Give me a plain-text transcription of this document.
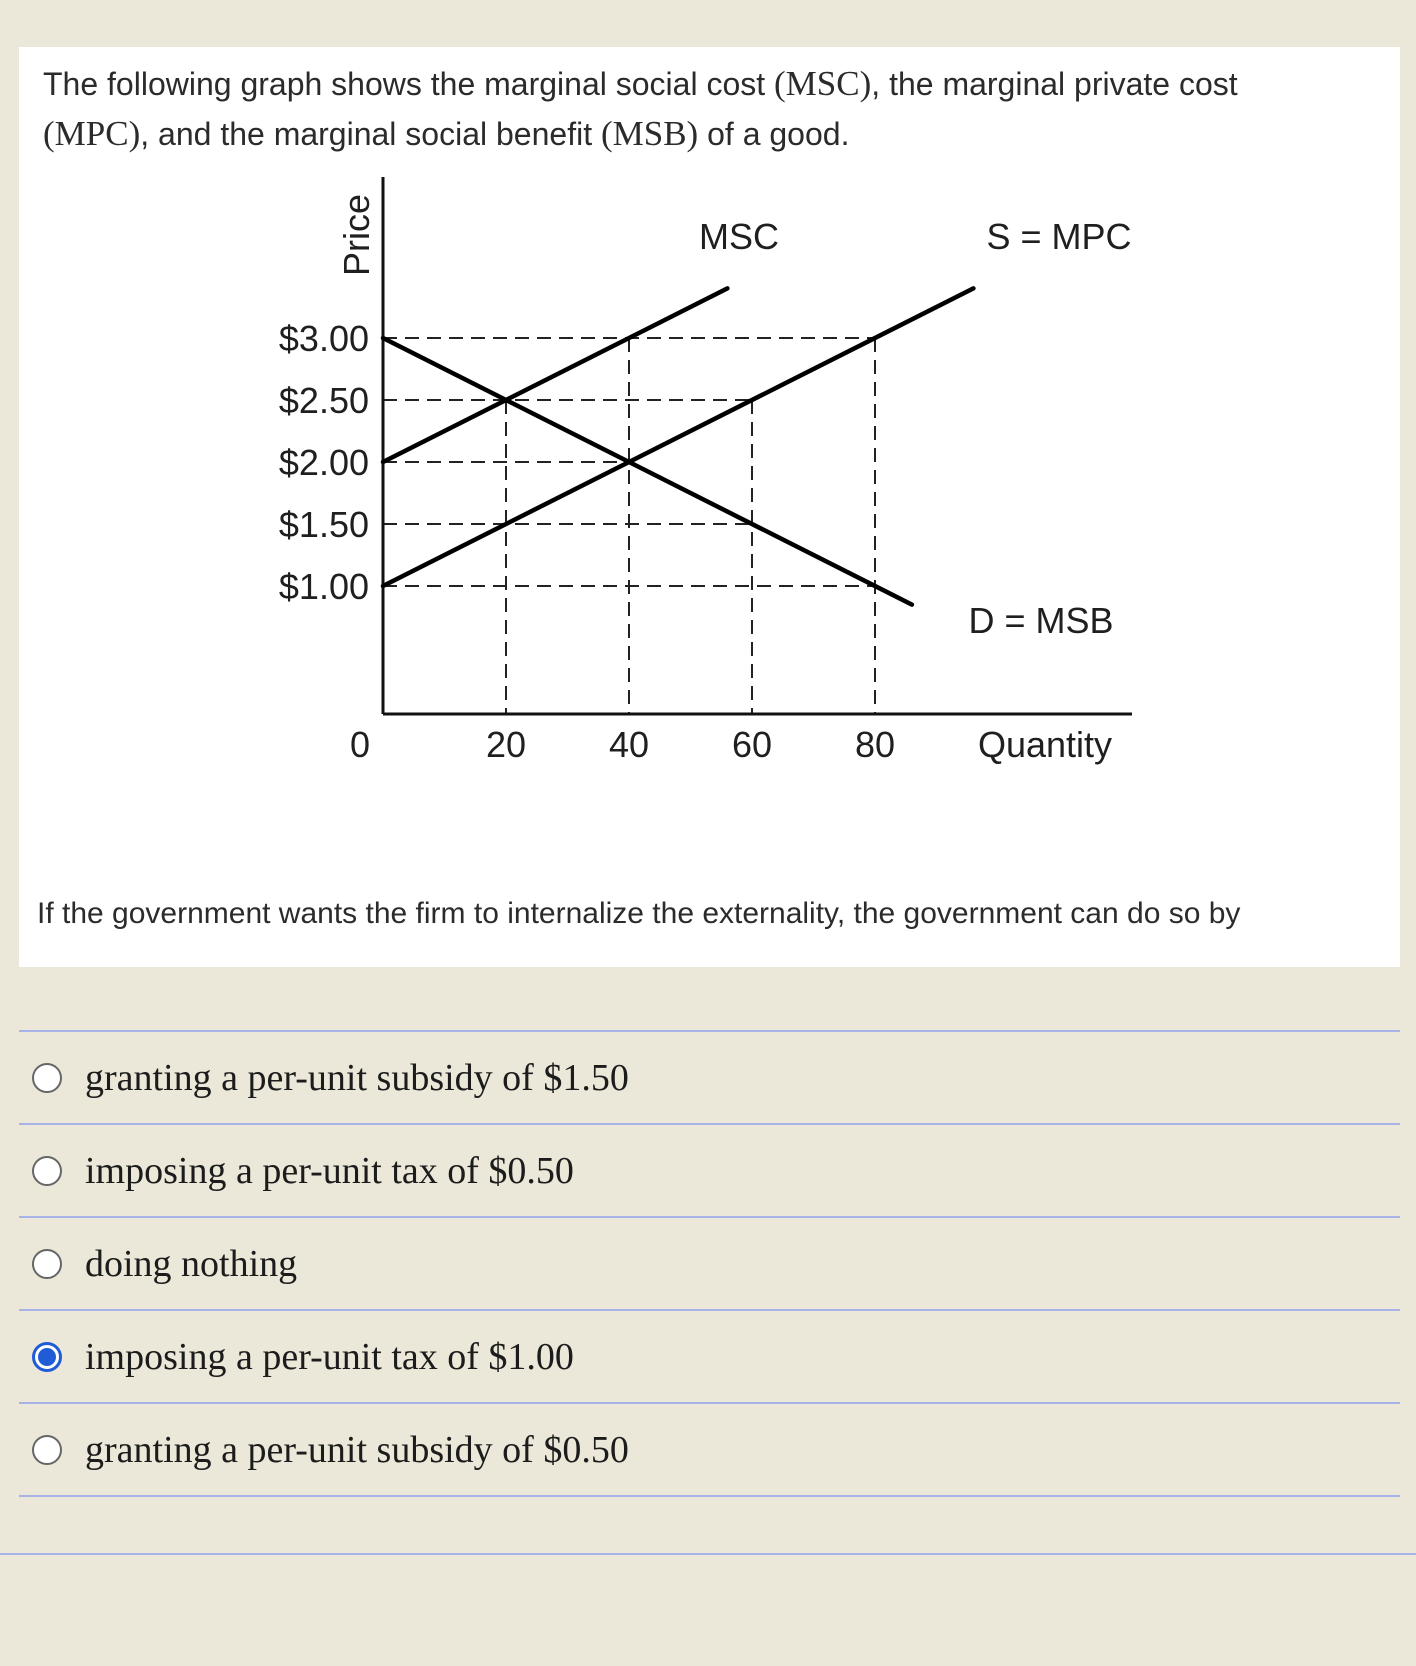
The following graph shows the marginal social cost (MSC), the marginal private cost
(MPC), and the marginal social benefit (MSB) of a good.
MSC	S = MPC
D = MSB
$1.00
$1.50
$2.00
$2.50
$3.00
0	20 40 60 80 Quantity
Price
If the government wants the firm to internalize the externality, the government can do so by
granting a per-unit subsidy of $1.50
imposing a per-unit tax of $0.50
doing nothing
imposing a per-unit tax of $1.00
granting a per-unit subsidy of $0.50
